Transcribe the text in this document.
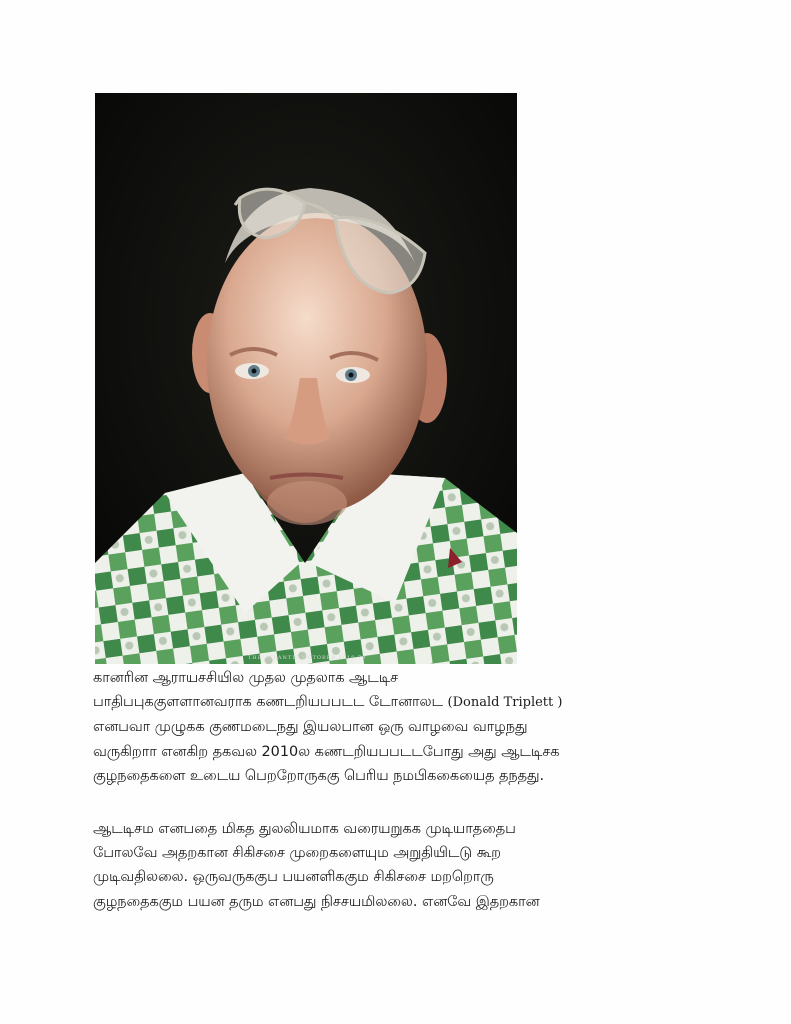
THE ATLANTIC OCTOBER 2010 79

கானரின ஆராயசசியில முதல முதலாக ஆடடிச

பாதிபபுககுளளானவராக கணடறியபபடட டோனாலட (Donald Triplett )

எனபவா முழுகக குணமடைநது இயலபான ஒரு வாழவை வாழநது

வருகிறாா எனகிற தகவல 2010ல கணடறியபபடடபோது அது ஆடடிசக

குழநதைகளை உடைய பெறறோருககு பெரிய நமபிககையைத தநதது.

ஆடடிசம எனபதை மிகத துலலியமாக வரையறுகக முடியாததைப

போலவே அதறகான சிகிசசை முறைகளையும அறுதியிடடு கூற

முடிவதிலலை. ஒருவருககுப பயனளிககும சிகிசசை மறறொரு

குழநதைககும பயன தரும எனபது நிசசயமிலலை. எனவே இதறகான
